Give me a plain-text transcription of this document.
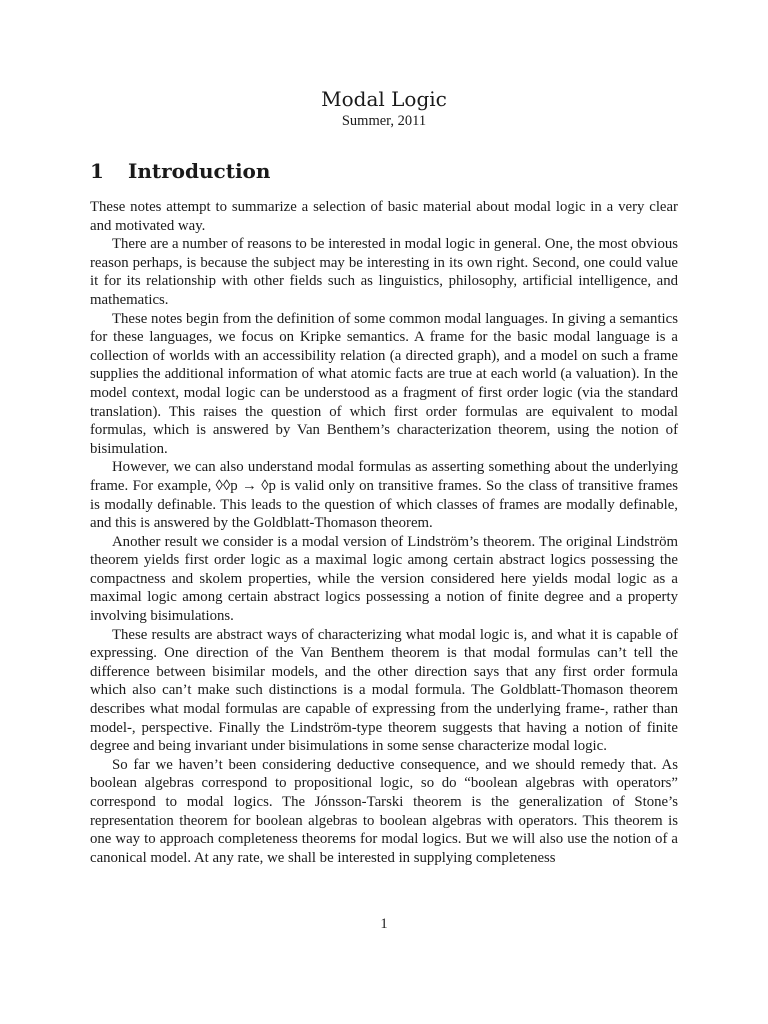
Modal Logic
Summer, 2011
1 Introduction

These notes attempt to summarize a selection of basic material about modal logic in a very clear and motivated way.

There are a number of reasons to be interested in modal logic in general. One, the most obvious reason perhaps, is because the subject may be interesting in its own right. Second, one could value it for its relationship with other fields such as linguistics, philosophy, artificial intelligence, and mathematics.

These notes begin from the definition of some common modal languages. In giving a semantics for these languages, we focus on Kripke semantics. A frame for the basic modal language is a collection of worlds with an accessibility relation (a directed graph), and a model on such a frame supplies the additional information of what atomic facts are true at each world (a valuation). In the model context, modal logic can be understood as a fragment of first order logic (via the standard translation). This raises the question of which first order formulas are equivalent to modal formulas, which is answered by Van Benthem’s characterization theorem, using the notion of bisimulation.

However, we can also understand modal formulas as asserting something about the underlying frame. For example, ◊◊p → ◊p is valid only on transitive frames. So the class of transitive frames is modally definable. This leads to the question of which classes of frames are modally definable, and this is answered by the Goldblatt-Thomason theorem.

Another result we consider is a modal version of Lindström’s theorem. The original Lindström theorem yields first order logic as a maximal logic among certain abstract logics possessing the compactness and skolem properties, while the version considered here yields modal logic as a maximal logic among certain abstract logics possessing a notion of finite degree and a property involving bisimulations.

These results are abstract ways of characterizing what modal logic is, and what it is capable of expressing. One direction of the Van Benthem theorem is that modal formulas can’t tell the difference between bisimilar models, and the other direction says that any first order formula which also can’t make such distinctions is a modal formula. The Goldblatt-Thomason theorem describes what modal formulas are capable of expressing from the underlying frame-, rather than model-, perspective. Finally the Lindström-type theorem suggests that having a notion of finite degree and being invariant under bisimulations in some sense characterize modal logic.

So far we haven’t been considering deductive consequence, and we should remedy that. As boolean algebras correspond to propositional logic, so do “boolean algebras with operators” correspond to modal logics. The Jónsson-Tarski theorem is the generalization of Stone’s representation theorem for boolean algebras to boolean algebras with operators. This theorem is one way to approach completeness theorems for modal logics. But we will also use the notion of a canonical model. At any rate, we shall be interested in supplying completeness

1
